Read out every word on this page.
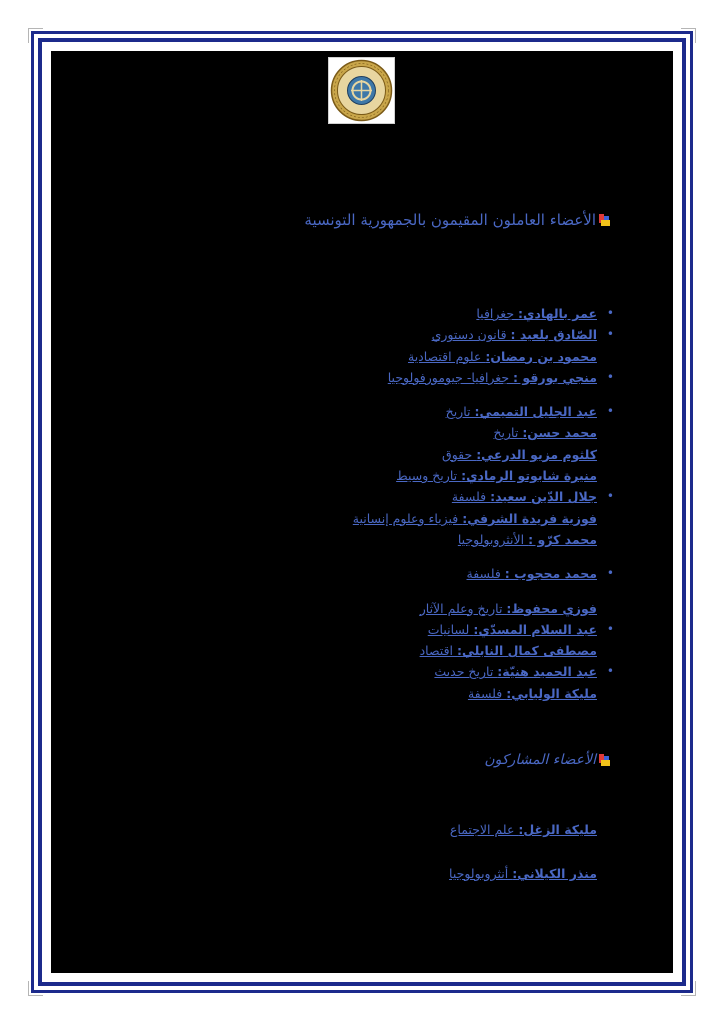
الأعضاء العاملون المقيمون بالجمهورية التونسية
•
عمر بالهادي: جغرافيا
•
الصّادق بلعيد : قانون دستوري
محمود بن رمضان: علوم اقتصادية
•
منجي بورقو : جغرافيا- جيومورفولوجيا
•
عبد الجليل التميمي: تاريخ
محمد حسن: تاريخ
كلثوم مزيو الدرعي: حقوق
منيرة شابوتو الرمادي: تاريخ وسيط
•
جلال الدّين سعيد: فلسفة
فوزية فريدة الشرفي: فيزياء وعلوم إنسانية
محمد كرّو : الأنثروبولوجيا
•
محمد محجوب : فلسفة
فوزي محفوظ: تاريخ وعلم الآثار
•
عبد السلام المسدّي: لسانيات
مصطفى كمال النابلي: اقتصاد
•
عبد الحميد هنيّة: تاريخ حديث
مليكة الوليابي: فلسفة
الأعضاء المشاركون
مليكة الزغل: علم الاجتماع
منذر الكيلاني: أنثروبولوجيا
